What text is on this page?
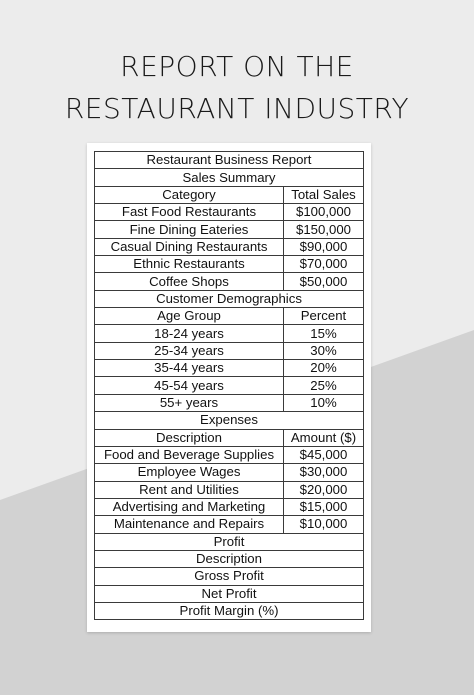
REPORT ON THE
RESTAURANT INDUSTRY
Restaurant Business Report	
Sales Summary	
Category	Total Sales
Fast Food Restaurants	$100,000
Fine Dining Eateries	$150,000
Casual Dining Restaurants	$90,000
Ethnic Restaurants	$70,000
Coffee Shops	$50,000
Customer Demographics	
Age Group	Percent
18-24 years	15%
25-34 years	30%
35-44 years	20%
45-54 years	25%
55+ years	10%
Expenses	
Description	Amount ($)
Food and Beverage Supplies	$45,000
Employee Wages	$30,000
Rent and Utilities	$20,000
Advertising and Marketing	$15,000
Maintenance and Repairs	$10,000
Profit	
Description	
Gross Profit	
Net Profit	
Profit Margin (%)	
